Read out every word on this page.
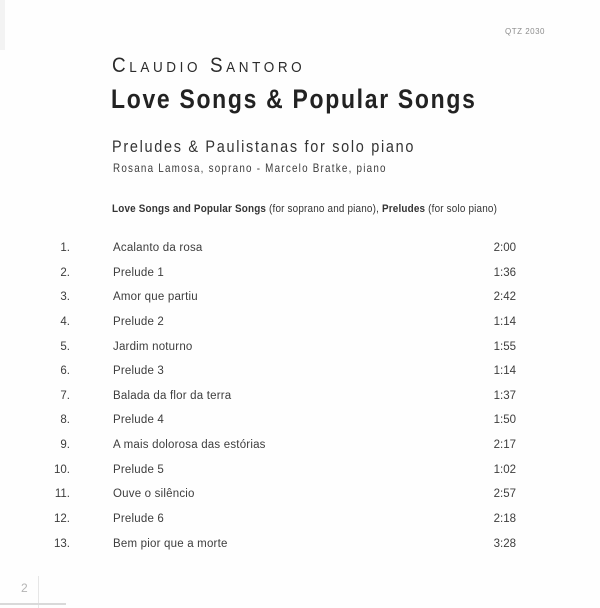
QTZ 2030
Claudio Santoro
Love Songs & Popular Songs
Preludes & Paulistanas for solo piano
Rosana Lamosa, soprano - Marcelo Bratke, piano
Love Songs and Popular Songs (for soprano and piano), Preludes (for solo piano)
1.	Acalanto da rosa	2:00
2.	Prelude 1	1:36
3.	Amor que partiu	2:42
4.	Prelude 2	1:14
5.	Jardim noturno	1:55
6.	Prelude 3	1:14
7.	Balada da flor da terra	1:37
8.	Prelude 4	1:50
9.	A mais dolorosa das estórias	2:17
10.	Prelude 5	1:02
11.	Ouve o silêncio	2:57
12.	Prelude 6	2:18
13.	Bem pior que a morte	3:28
2
